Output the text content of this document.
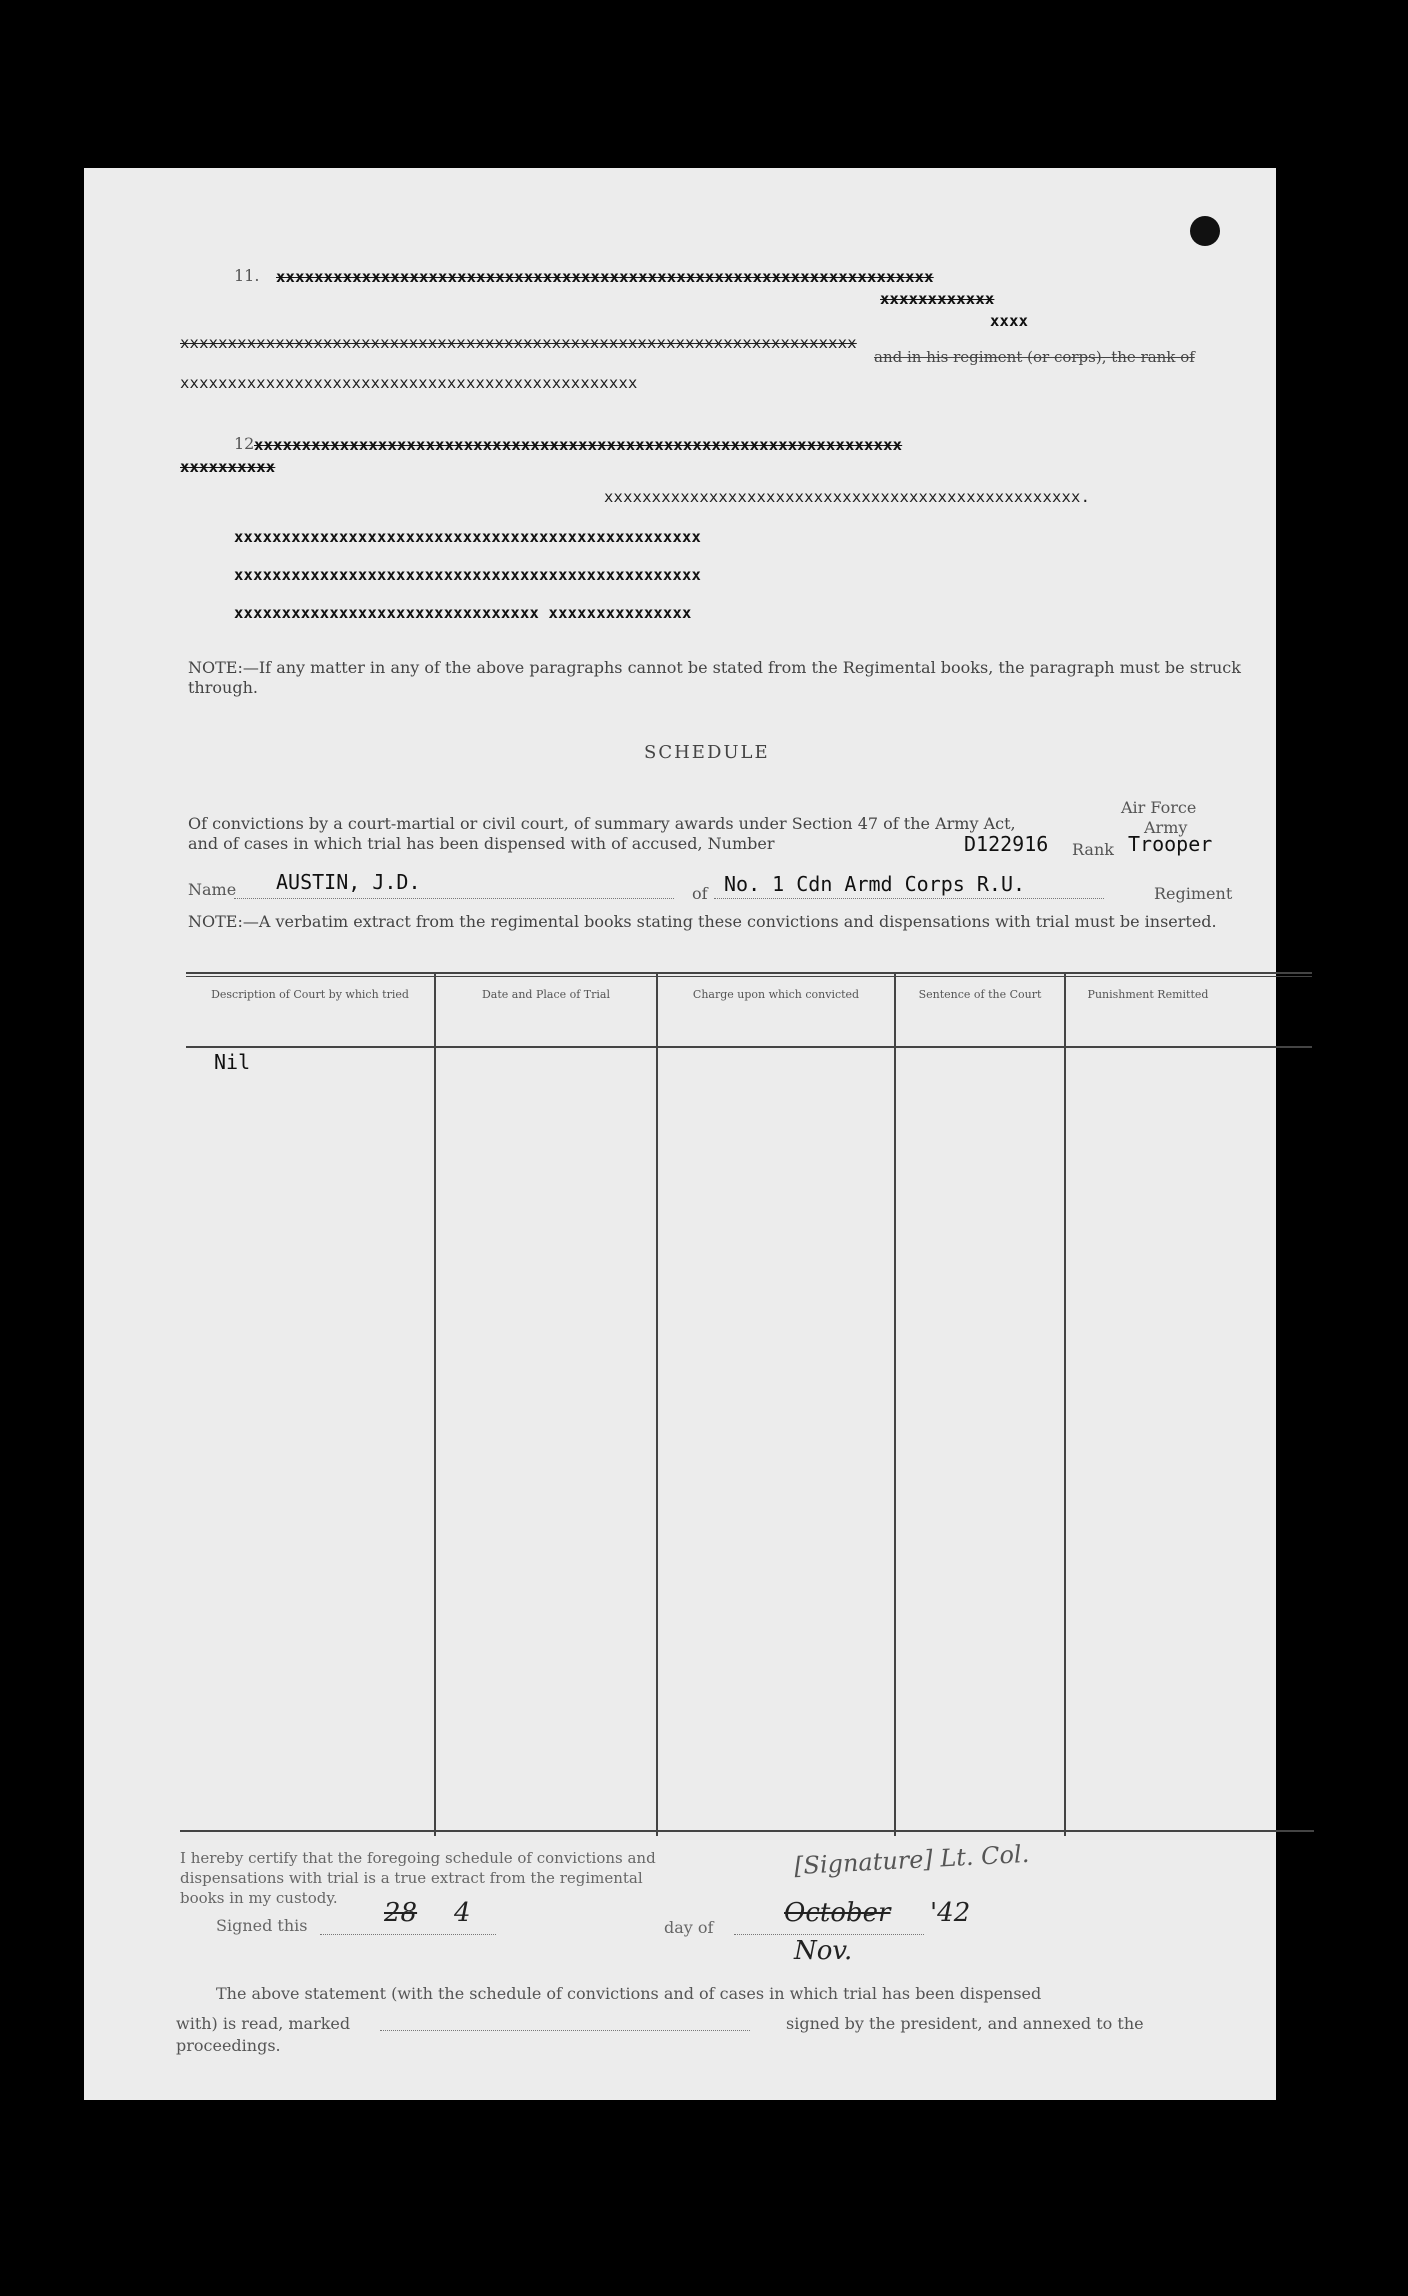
11. xxxxxxxxxxxxxxxxxxxxxxxxxxxxxxxxxxxxxxxxxxxxxxxxxxxxxxxxxxxxxxxxxxxxx
xxxxxxxxxxxx
xxxx
xxxxxxxxxxxxxxxxxxxxxxxxxxxxxxxxxxxxxxxxxxxxxxxxxxxxxxxxxxxxxxxxxxxxxxx
and in his regiment (or corps), the rank of
xxxxxxxxxxxxxxxxxxxxxxxxxxxxxxxxxxxxxxxxxxxxxxxx
12 xxxxxxxxxxxxxxxxxxxxxxxxxxxxxxxxxxxxxxxxxxxxxxxxxxxxxxxxxxxxxxxxxxxx
xxxxxxxxxx
xxxxxxxxxxxxxxxxxxxxxxxxxxxxxxxxxxxxxxxxxxxxxxxxxx.
xxxxxxxxxxxxxxxxxxxxxxxxxxxxxxxxxxxxxxxxxxxxxxxxx
xxxxxxxxxxxxxxxxxxxxxxxxxxxxxxxxxxxxxxxxxxxxxxxxx
xxxxxxxxxxxxxxxxxxxxxxxxxxxxxxxx xxxxxxxxxxxxxxx
NOTE:—If any matter in any of the above paragraphs cannot be stated from the Regimental books, the paragraph must be struck through.
SCHEDULE
Air Force
Army
Of convictions by a court-martial or civil court, of summary awards under Section 47 of the Army Act, and of cases in which trial has been dispensed with of accused, Number	D122916 Rank Trooper
Name AUSTIN, J.D.	of No. 1 Cdn Armd Corps R.U.	Regiment
NOTE:—A verbatim extract from the regimental books stating these convictions and dispensations with trial must be inserted.
Description of Court by which tried	Date and Place of Trial	Charge upon which convicted	Sentence of the Court	Punishment Remitted
Nil
I hereby certify that the foregoing schedule of convictions and dispensations with trial is a true extract from the regimental books in my custody.
[Signature] Lt. Col.
Signed this	28 4	day of	October '42
Nov.
The above statement (with the schedule of convictions and of cases in which trial has been dispensed
with) is read, marked	signed by the president, and annexed to the
proceedings.
